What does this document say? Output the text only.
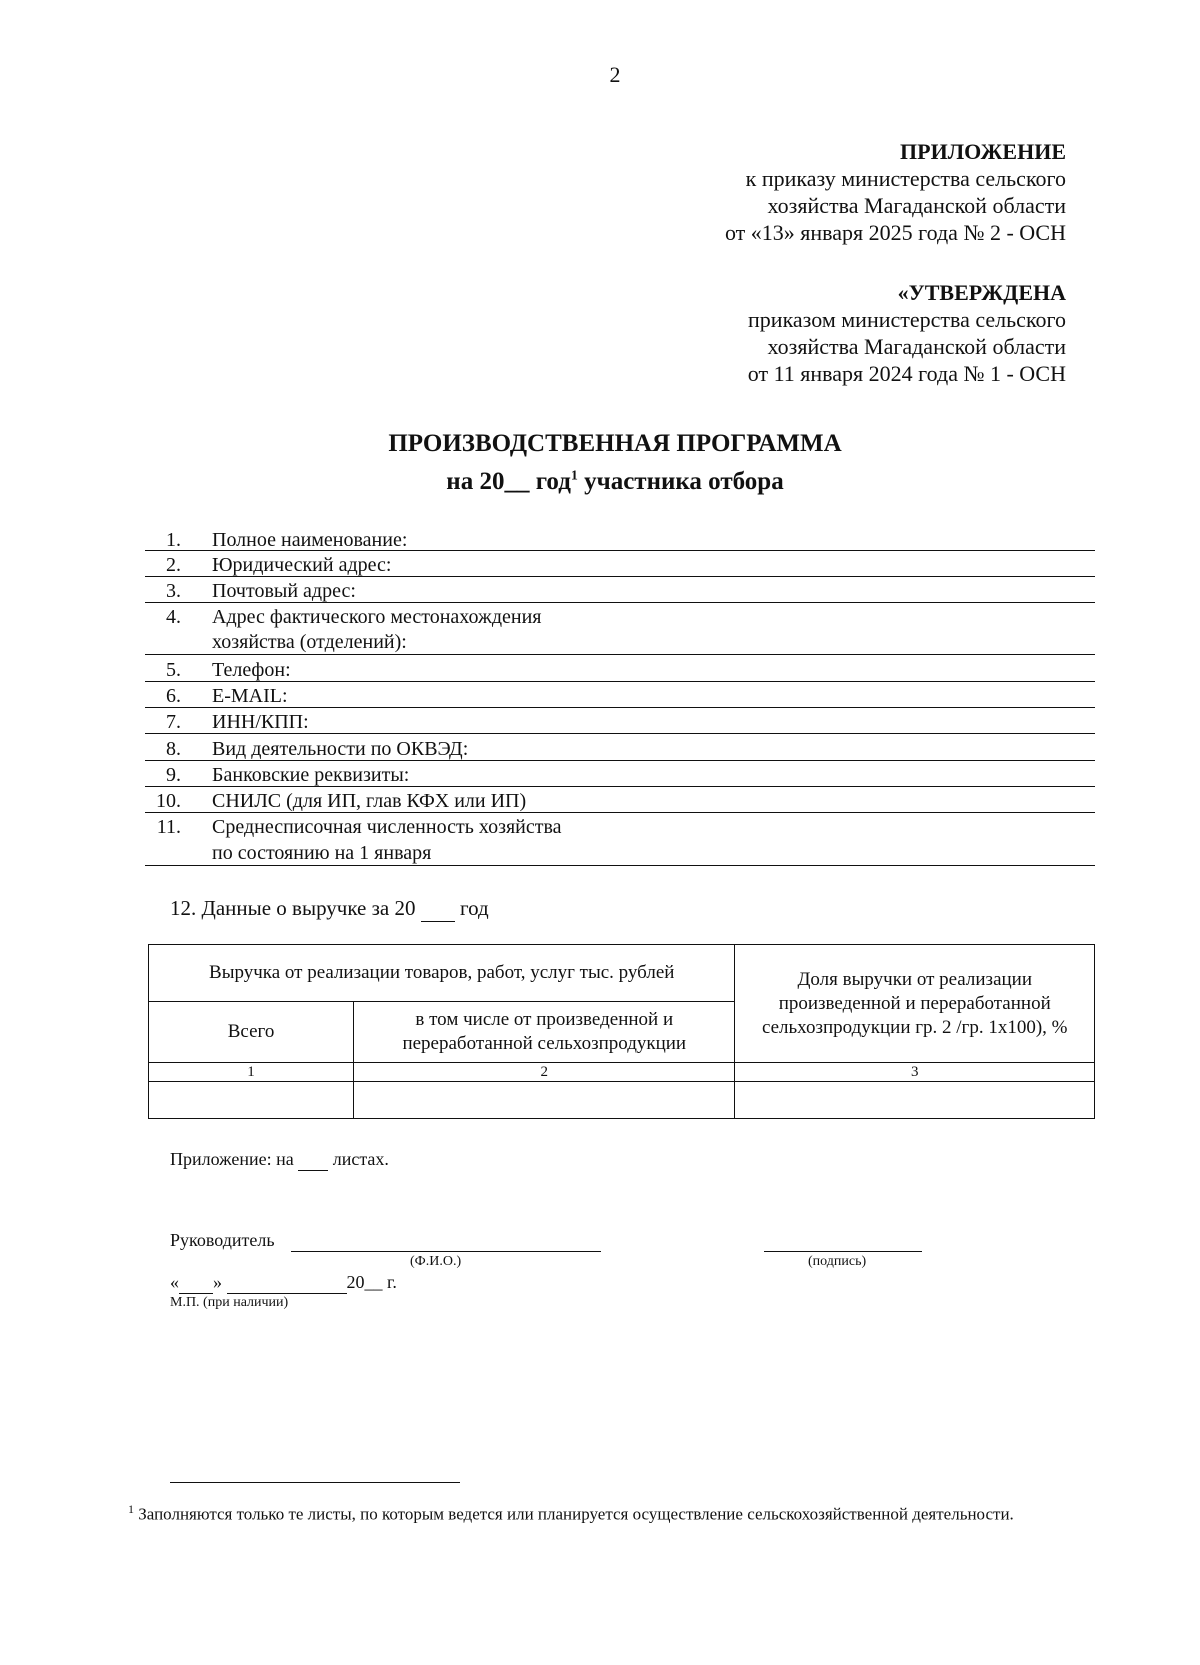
2
ПРИЛОЖЕНИЕ
к приказу министерства сельского
хозяйства Магаданской области
от «13» января 2025 года № 2 - ОСН
«УТВЕРЖДЕНА
приказом министерства сельского
хозяйства Магаданской области
от 11 января 2024 года № 1 - ОСН
ПРОИЗВОДСТВЕННАЯ ПРОГРАММА
на 20__ год$^1$ участника отбора
1. Полное наименование:
2. Юридический адрес:
3. Почтовый адрес:
4. Адрес фактического местонахождения
хозяйства (отделений):
5. Телефон:
6. E-MAIL:
7. ИНН/КПП:
8. Вид деятельности по ОКВЭД:
9. Банковские реквизиты:
10. СНИЛС (для ИП, глав КФХ или ИП)
11. Среднесписочная численность хозяйства
по состоянию на 1 января
12. Данные о выручке за 20 год
Выручка от реализации товаров, работ, услуг тыс. рублей		Доля выручки от реализации произведенной и переработанной сельхозпродукции гр. 2 /гр. 1х100), %
Всего	в том числе от произведенной и переработанной сельхозпродукции	
1	2	3

Приложение: на листах.
Руководитель
(Ф.И.О.)	(подпись)
« »	20__ г.
М.П. (при наличии)
$^1$ Заполняются только те листы, по которым ведется или планируется осуществление сельскохозяйственной деятельности.
